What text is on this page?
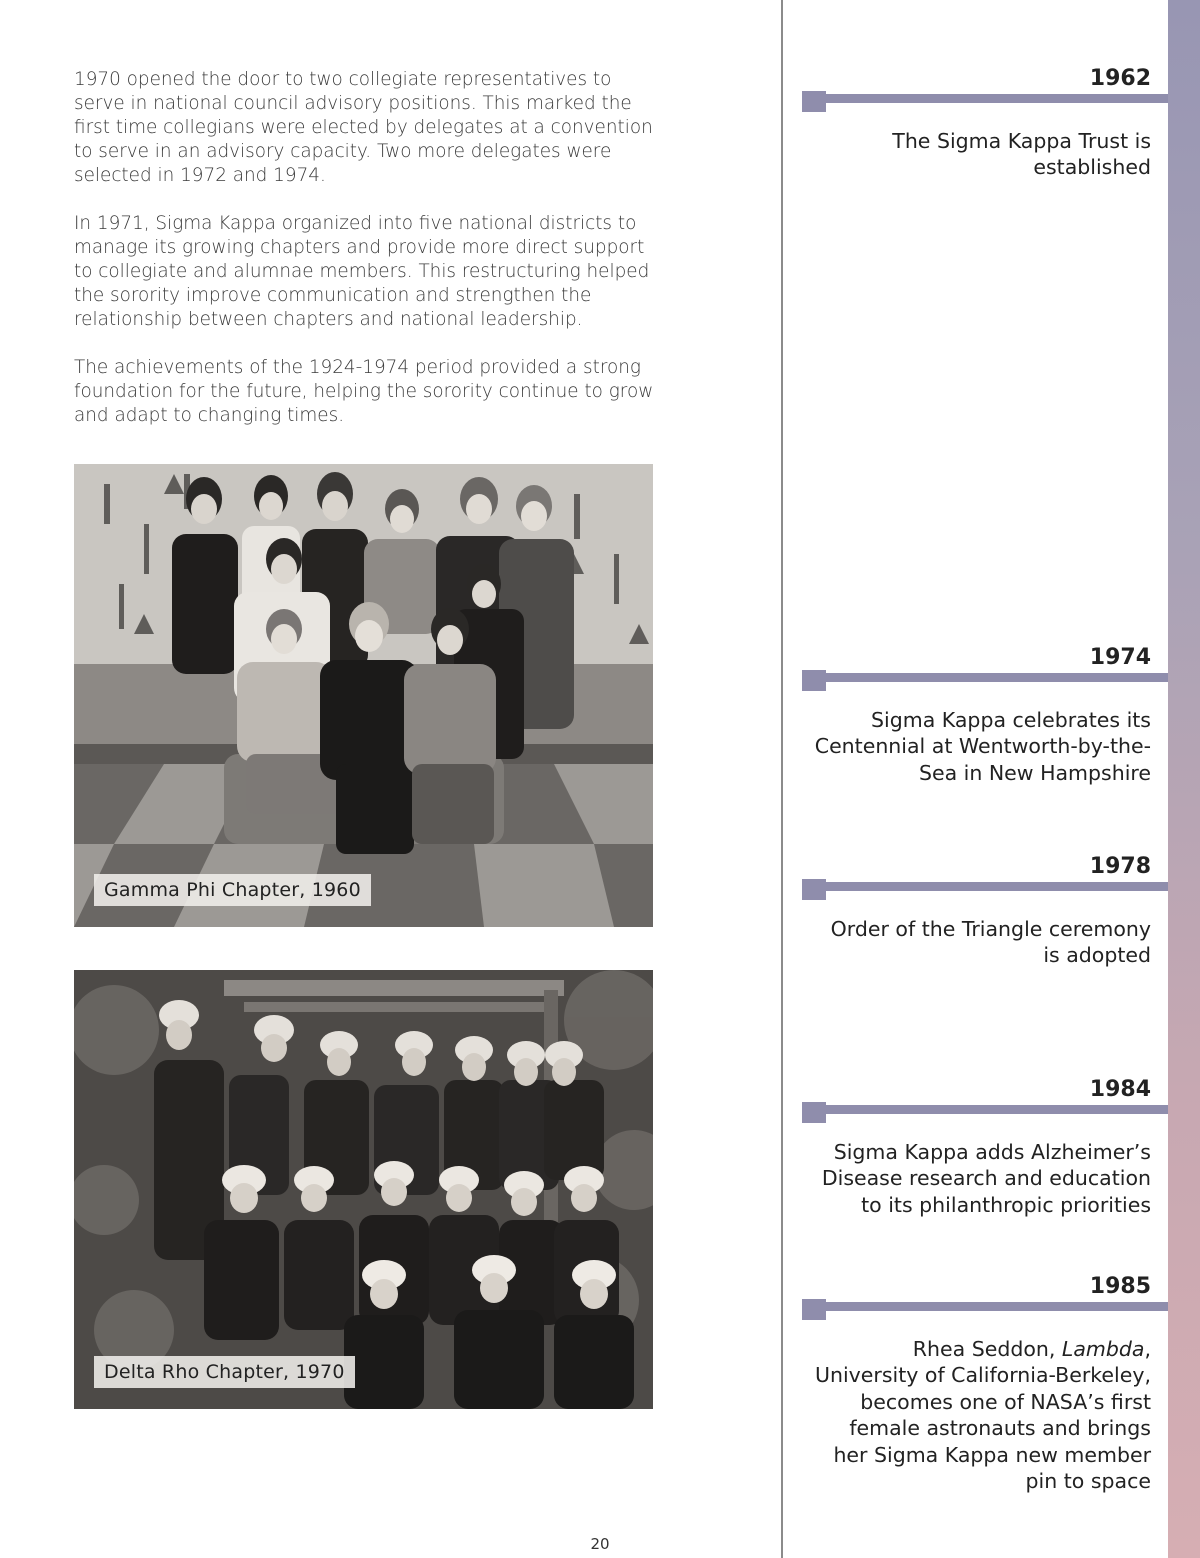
1970 opened the door to two collegiate representatives to serve in national council advisory positions. This marked the first time collegians were elected by delegates at a convention to serve in an advisory capacity. Two more delegates were selected in 1972 and 1974.

In 1971, Sigma Kappa organized into five national districts to manage its growing chapters and provide more direct support to collegiate and alumnae members. This restructuring helped the sorority improve communication and strengthen the relationship between chapters and national leadership.

The achievements of the 1924-1974 period provided a strong foundation for the future, helping the sorority continue to grow and adapt to changing times.

Gamma Phi Chapter, 1960
Delta Rho Chapter, 1970
20
1962
The Sigma Kappa Trust is established
1974
Sigma Kappa celebrates its Centennial at Wentworth-by-the-Sea in New Hampshire
1978
Order of the Triangle ceremony is adopted
1984
Sigma Kappa adds Alzheimer’s Disease research and education to its philanthropic priorities
1985
Rhea Seddon, Lambda, University of California-Berkeley, becomes one of NASA’s first female astronauts and brings her Sigma Kappa new member pin to space
